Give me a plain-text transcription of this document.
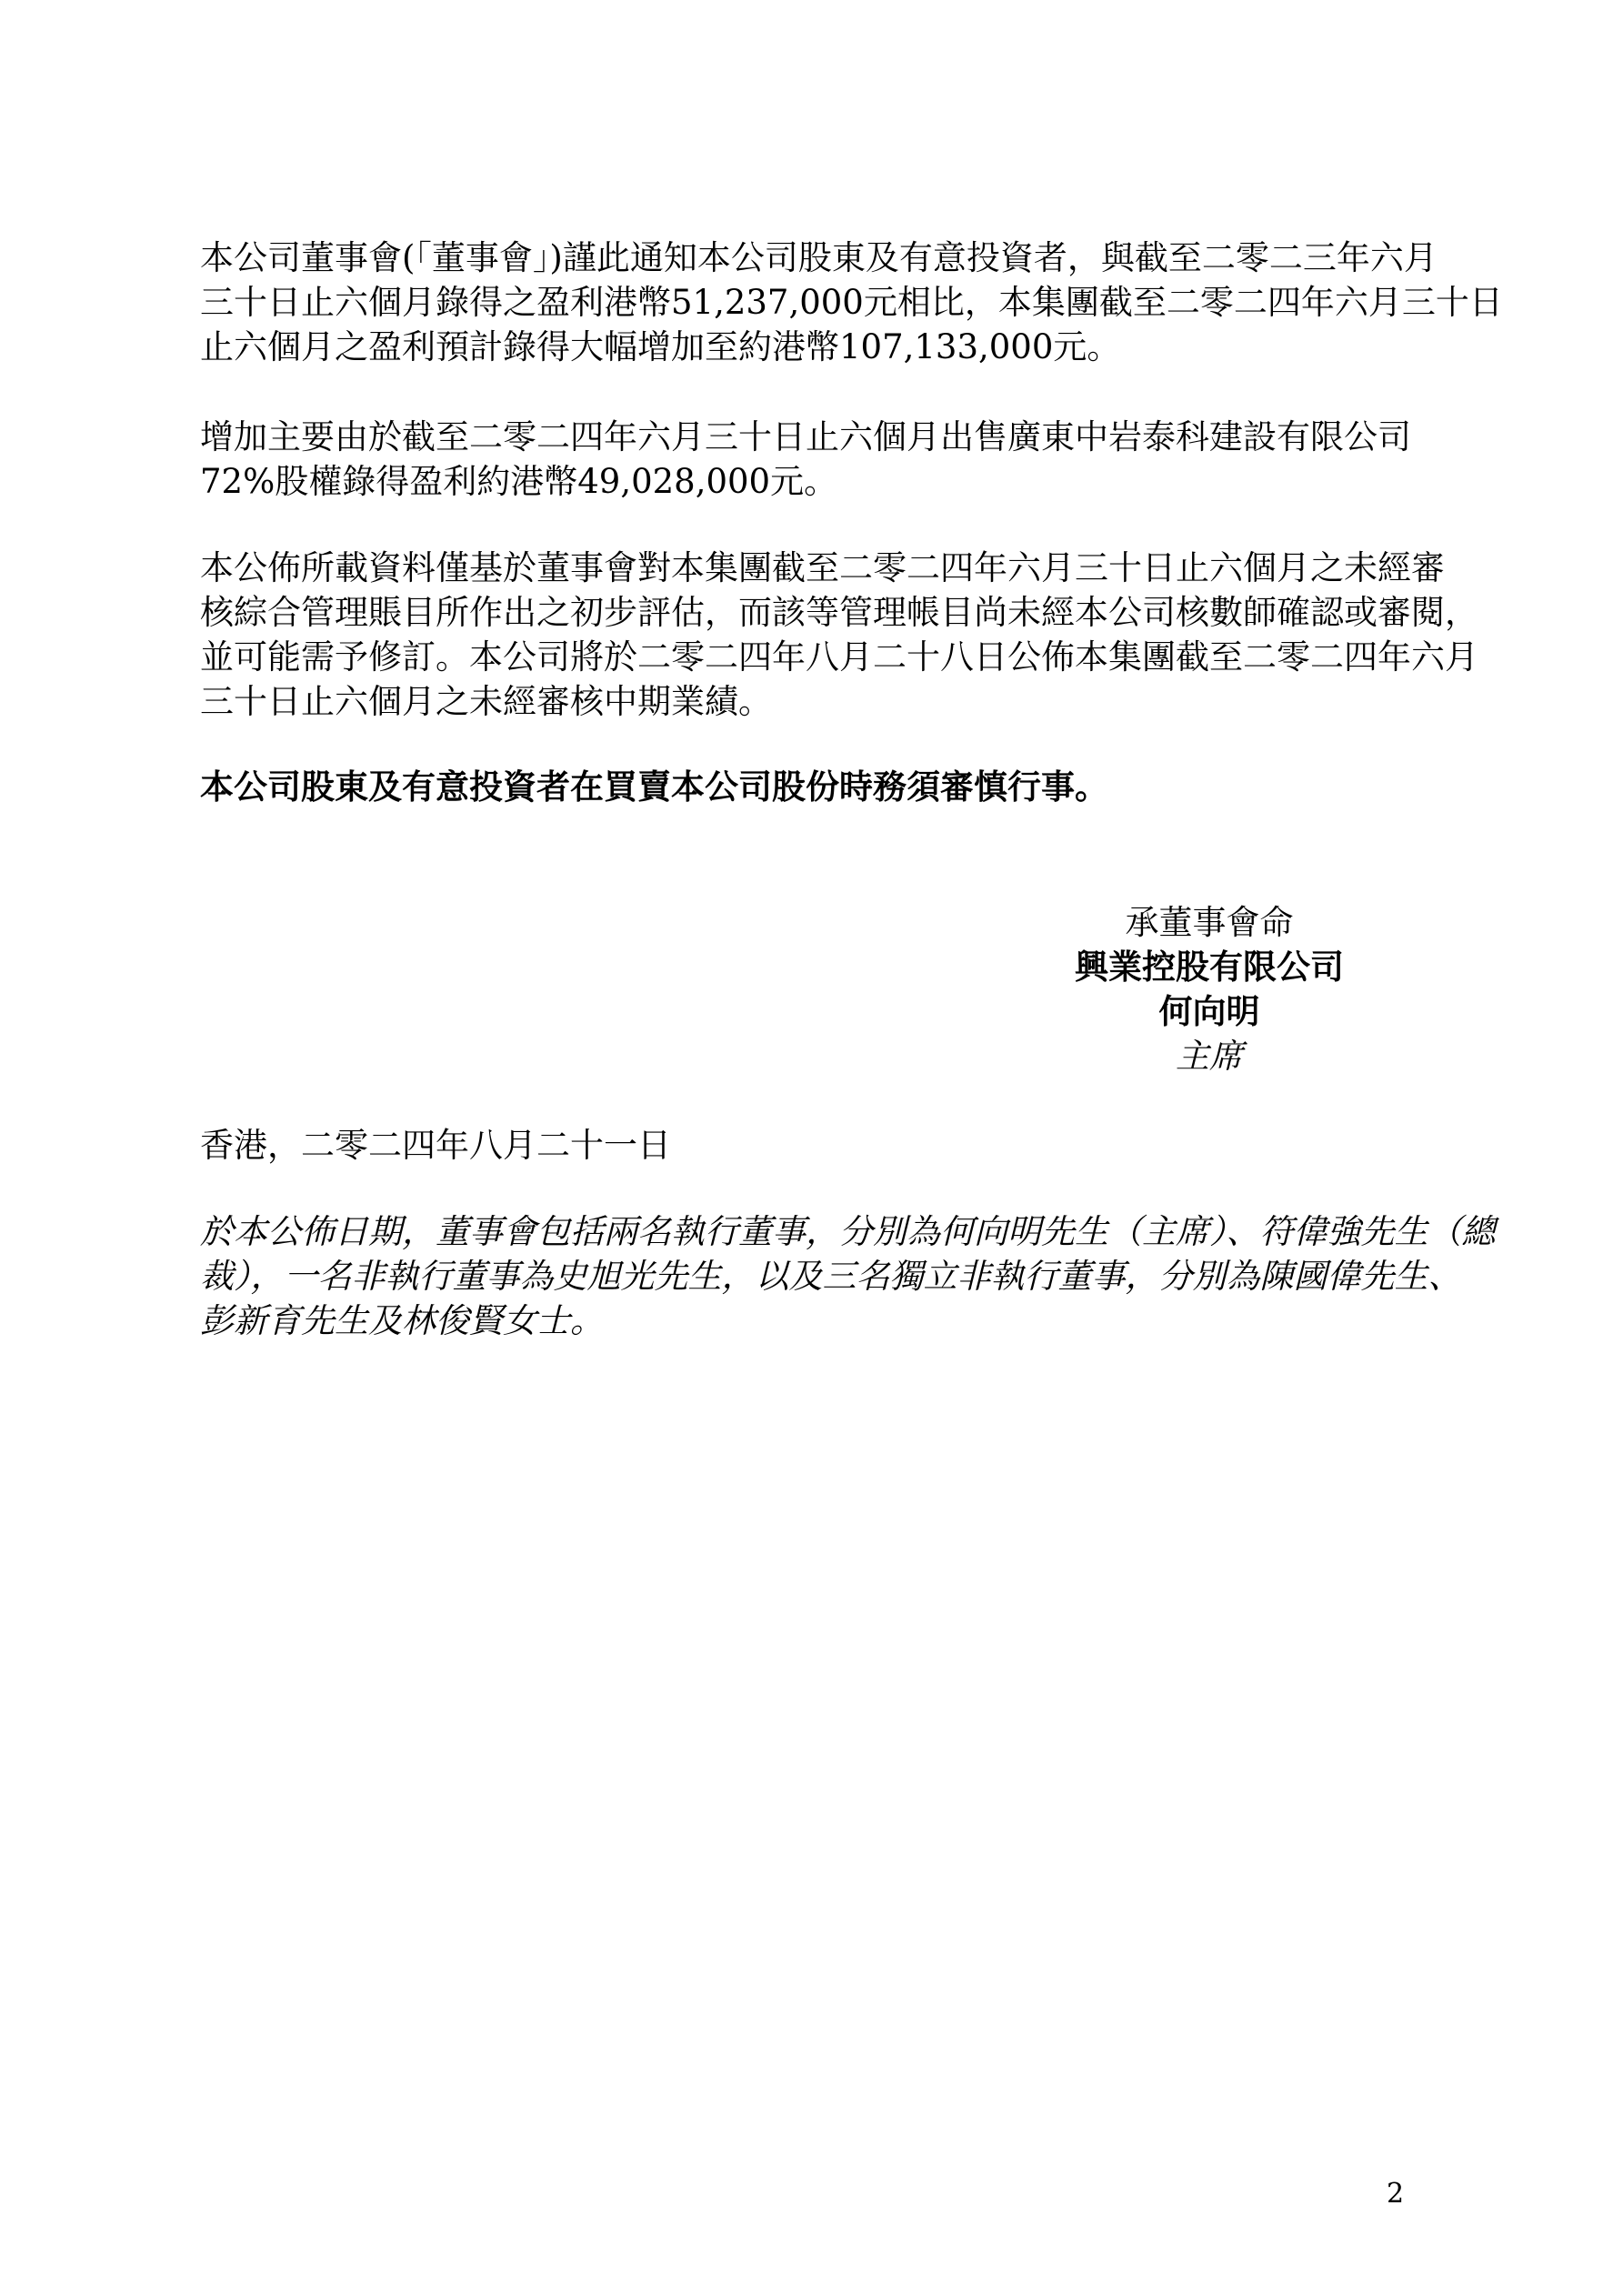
本公司董事會(「董事會」)謹此通知本公司股東及有意投資者，與截至二零二三年六月
三十日止六個月錄得之盈利港幣51,237,000元相比，本集團截至二零二四年六月三十日
止六個月之盈利預計錄得大幅增加至約港幣107,133,000元。

增加主要由於截至二零二四年六月三十日止六個月出售廣東中岩泰科建設有限公司
72%股權錄得盈利約港幣49,028,000元。

本公佈所載資料僅基於董事會對本集團截至二零二四年六月三十日止六個月之未經審
核綜合管理賬目所作出之初步評估，而該等管理帳目尚未經本公司核數師確認或審閱，
並可能需予修訂。本公司將於二零二四年八月二十八日公佈本集團截至二零二四年六月
三十日止六個月之未經審核中期業績。

本公司股東及有意投資者在買賣本公司股份時務須審慎行事。

承董事會命
興業控股有限公司
何向明
主席
香港，二零二四年八月二十一日

於本公佈日期，董事會包括兩名執行董事，分別為何向明先生（主席）、符偉強先生（總
裁），一名非執行董事為史旭光先生，以及三名獨立非執行董事，分別為陳國偉先生、
彭新育先生及林俊賢女士。

2
